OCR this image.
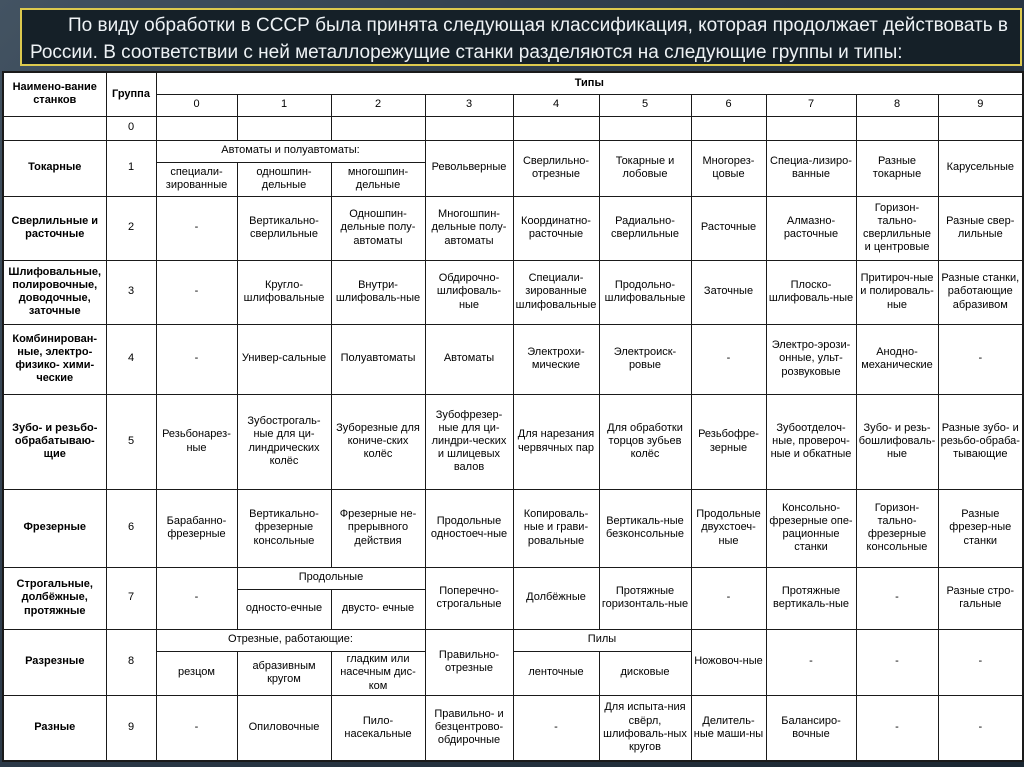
По виду обработки в СССР была принята следующая классификация, которая продолжает действовать в России. В соответствии с ней металлорежущие станки разделяются на следующие группы и типы:

Наимено-вание станков	Группа	Типы									
		0	1	2	3	4	5	6	7	8	9
	0										
Токарные	1	Автоматы и полуавтоматы:			Револьверные	Сверлильно-отрезные	Токарные и лобовые	Многорез-цовые	Специа-лизиро-ванные	Разные токарные	Карусельные
		специали-зированные	одношпин-дельные	многошпин-дельные							
Сверлильные и расточные	2	-	Вертикально-сверлильные	Одношпин-дельные полу-автоматы	Многошпин-дельные полу-автоматы	Координатно-расточные	Радиально-сверлильные	Расточные	Алмазно-расточные	Горизон-тально-сверлильные и центровые	Разные свер-лильные
Шлифовальные, полировочные, доводочные, заточные	3	-	Кругло-шлифовальные	Внутри-шлифоваль-ные	Обдирочно-шлифоваль-ные	Специали-зированные шлифовальные	Продольно-шлифовальные	Заточные	Плоско-шлифоваль-ные	Притироч-ные и полироваль-ные	Разные станки, работающие абразивом
Комбинирован-ные, электро-физико- хими-ческие	4	-	Универ-сальные	Полуавтоматы	Автоматы	Электрохи-мические	Электроиск-ровые	-	Электро-эрози- онные, ульт-розвуковые	Анодно-механические	-
Зубо- и резьбо-обрабатываю-щие	5	Резьбонарез-ные	Зубострогаль-ные для ци-линдрических колёс	Зуборезные для кониче-ских колёс	Зубофрезер-ные для ци-линдри-ческих и шлицевых валов	Для нарезания червячных пар	Для обработки торцов зубьев колёс	Резьбофре-зерные	Зубоотделоч-ные, провероч-ные и обкатные	Зубо- и резь-бошлифоваль-ные	Разные зубо- и резьбо-обраба-тывающие
Фрезерные	6	Барабанно-фрезерные	Вертикально-фрезерные консольные	Фрезерные не-прерывного действия	Продольные одностоеч-ные	Копироваль-ные и грави-ровальные	Вертикаль-ные безконсольные	Продольные двухстоеч-ные	Консольно-фрезерные опе-рационные станки	Горизон-тально-фрезерные консольные	Разные фрезер-ные станки
Строгальные, долбёжные, протяжные	7	-	Продольные		Поперечно-строгальные	Долбёжные	Протяжные горизонталь-ные	-	Протяжные вертикаль-ные	-	Разные стро-гальные
			односто-ечные	двусто- ечные							
Разрезные	8	Отрезные, работающие:			Правильно-отрезные	Пилы		Ножовоч-ные	-	-	-
		резцом	абразивным кругом	гладким или насечным дис-ком		ленточные	дисковые				
Разные	9	-	Опиловочные	Пило-насекальные	Правильно- и безцентрово-обдирочные	-	Для испыта-ния свёрл, шлифоваль-ных кругов	Делитель-ные маши-ны	Балансиро-вочные	-	-
